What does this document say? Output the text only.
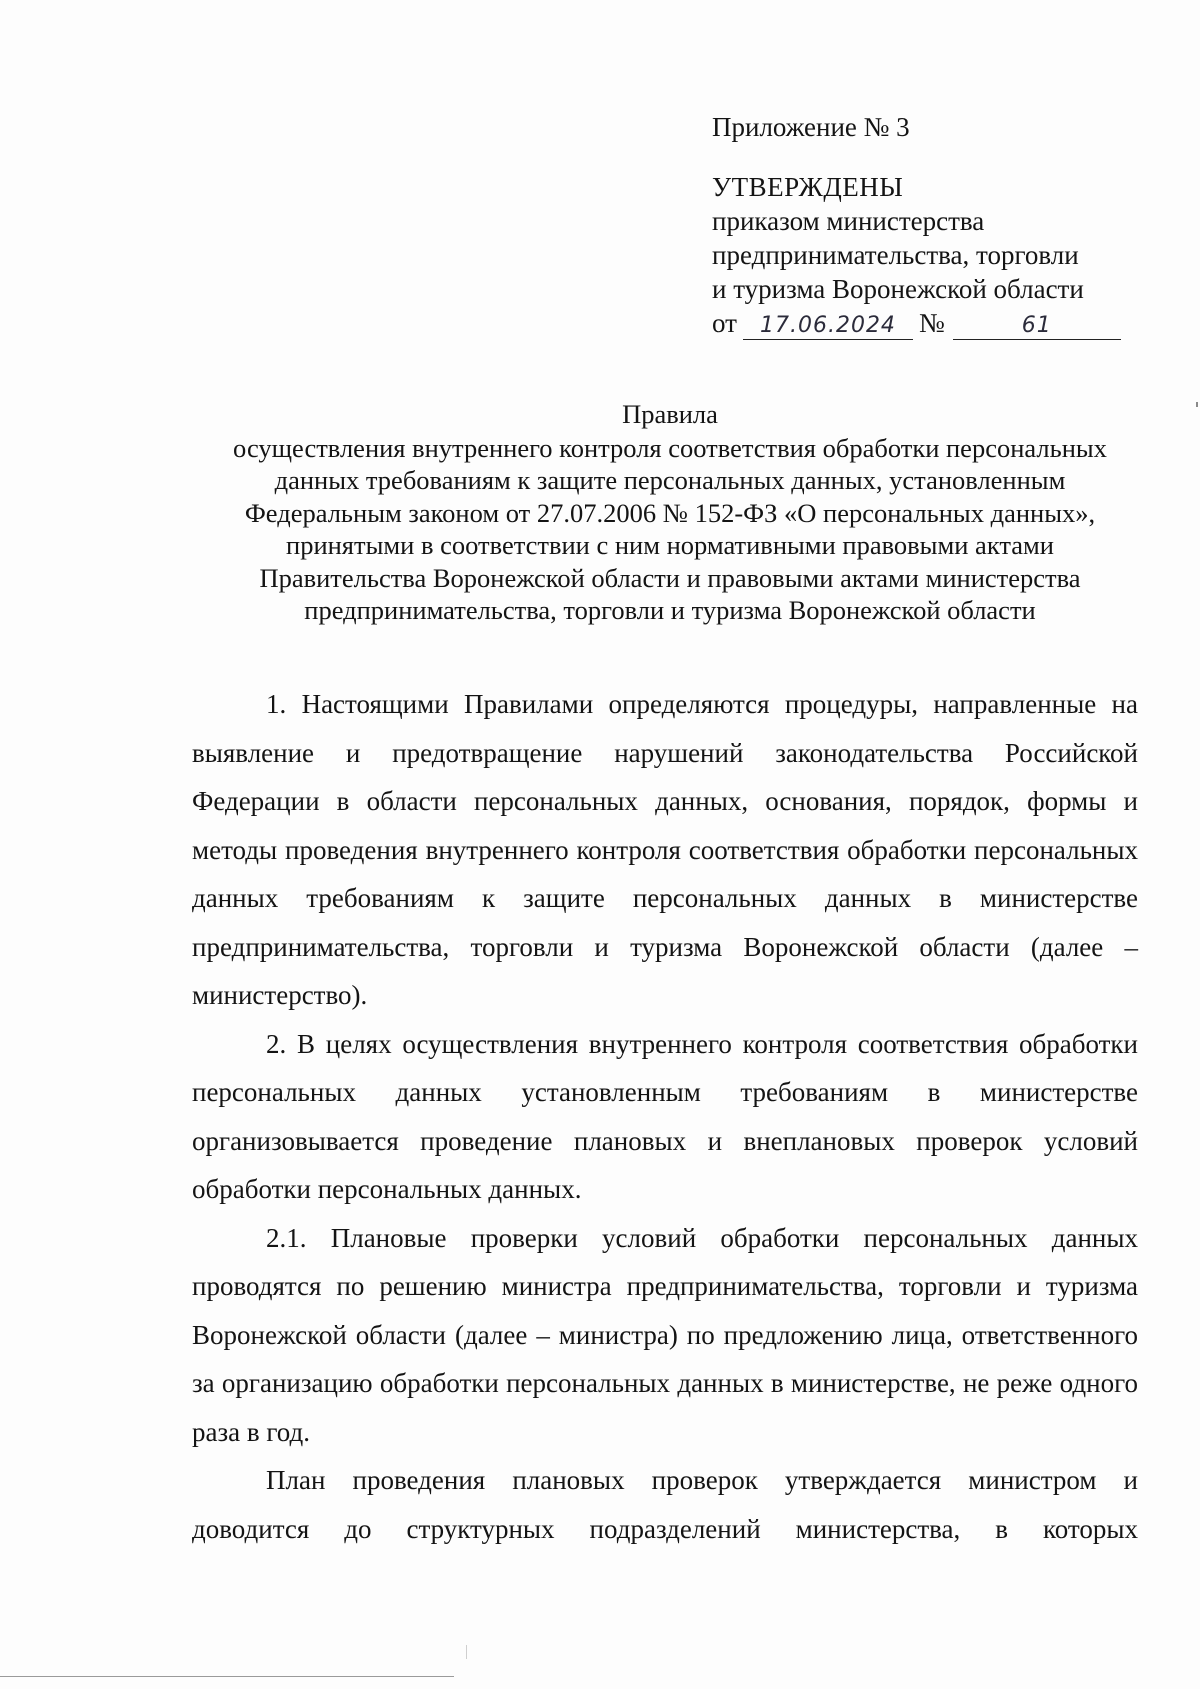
Приложение № 3

УТВЕРЖДЕНЫ

приказом министерства

предпринимательства, торговли

и туризма Воронежской области

от	17.06.2024 №	61

Правила

осуществления внутреннего контроля соответствия обработки персональных

данных требованиям к защите персональных данных, установленным

Федеральным законом от 27.07.2006 № 152-ФЗ «О персональных данных»,

принятыми в соответствии с ним нормативными правовыми актами

Правительства Воронежской области и правовыми актами министерства

предпринимательства, торговли и туризма Воронежской области

1. Настоящими Правилами определяются процедуры, направленные на выявление и предотвращение нарушений законодательства Российской Федерации в области персональных данных, основания, порядок, формы и методы проведения внутреннего контроля соответствия обработки персональных данных требованиям к защите персональных данных в министерстве предпринимательства, торговли и туризма Воронежской области (далее – министерство).

2. В целях осуществления внутреннего контроля соответствия обработки персональных данных установленным требованиям в министерстве организовывается проведение плановых и внеплановых проверок условий обработки персональных данных.

2.1. Плановые проверки условий обработки персональных данных проводятся по решению министра предпринимательства, торговли и туризма Воронежской области (далее – министра) по предложению лица, ответственного за организацию обработки персональных данных в министерстве, не реже одного раза в год.

План проведения плановых проверок утверждается министром и доводится до структурных подразделений министерства, в которых
